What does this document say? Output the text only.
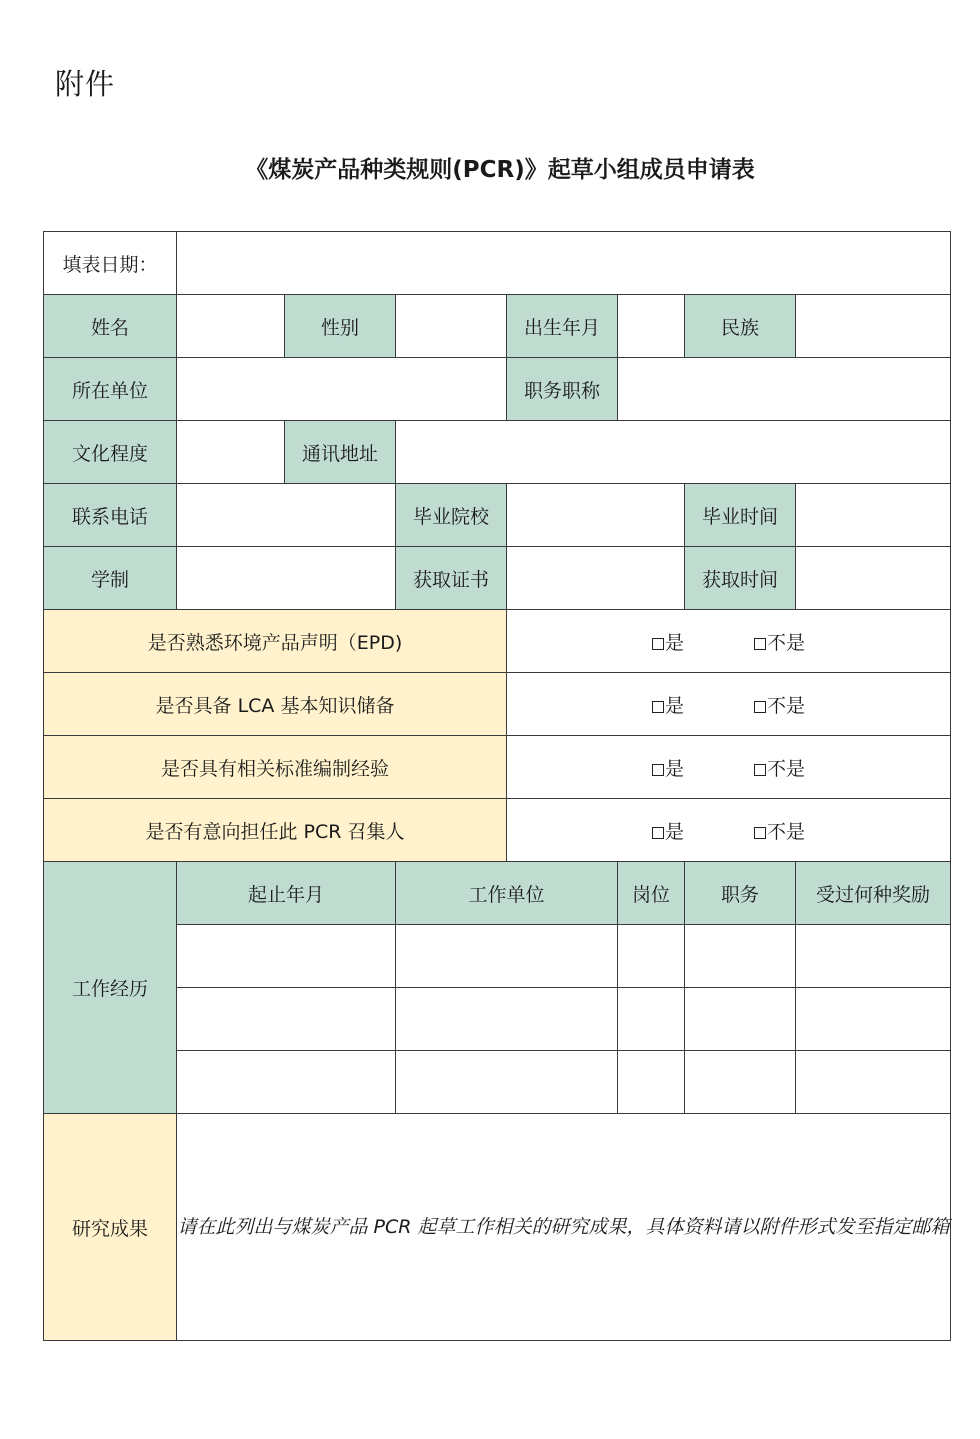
附件
《煤炭产品种类规则(PCR)》起草小组成员申请表
填表日期：							
姓名		性别		出生年月		民族	
所在单位				职务职称			
文化程度		通讯地址					
联系电话			毕业院校			毕业时间	
学制			获取证书			获取时间	
是否熟悉环境产品声明（EPD)				是 不是			
是否具备 LCA 基本知识储备				是 不是			
是否具有相关标准编制经验				是 不是			
是否有意向担任此 PCR 召集人				是 不是			
工作经历	起止年月		工作单位		岗位	职务	受过何种奖励

研究成果	请在此列出与煤炭产品 PCR 起草工作相关的研究成果，具体资料请以附件形式发至指定邮箱						
